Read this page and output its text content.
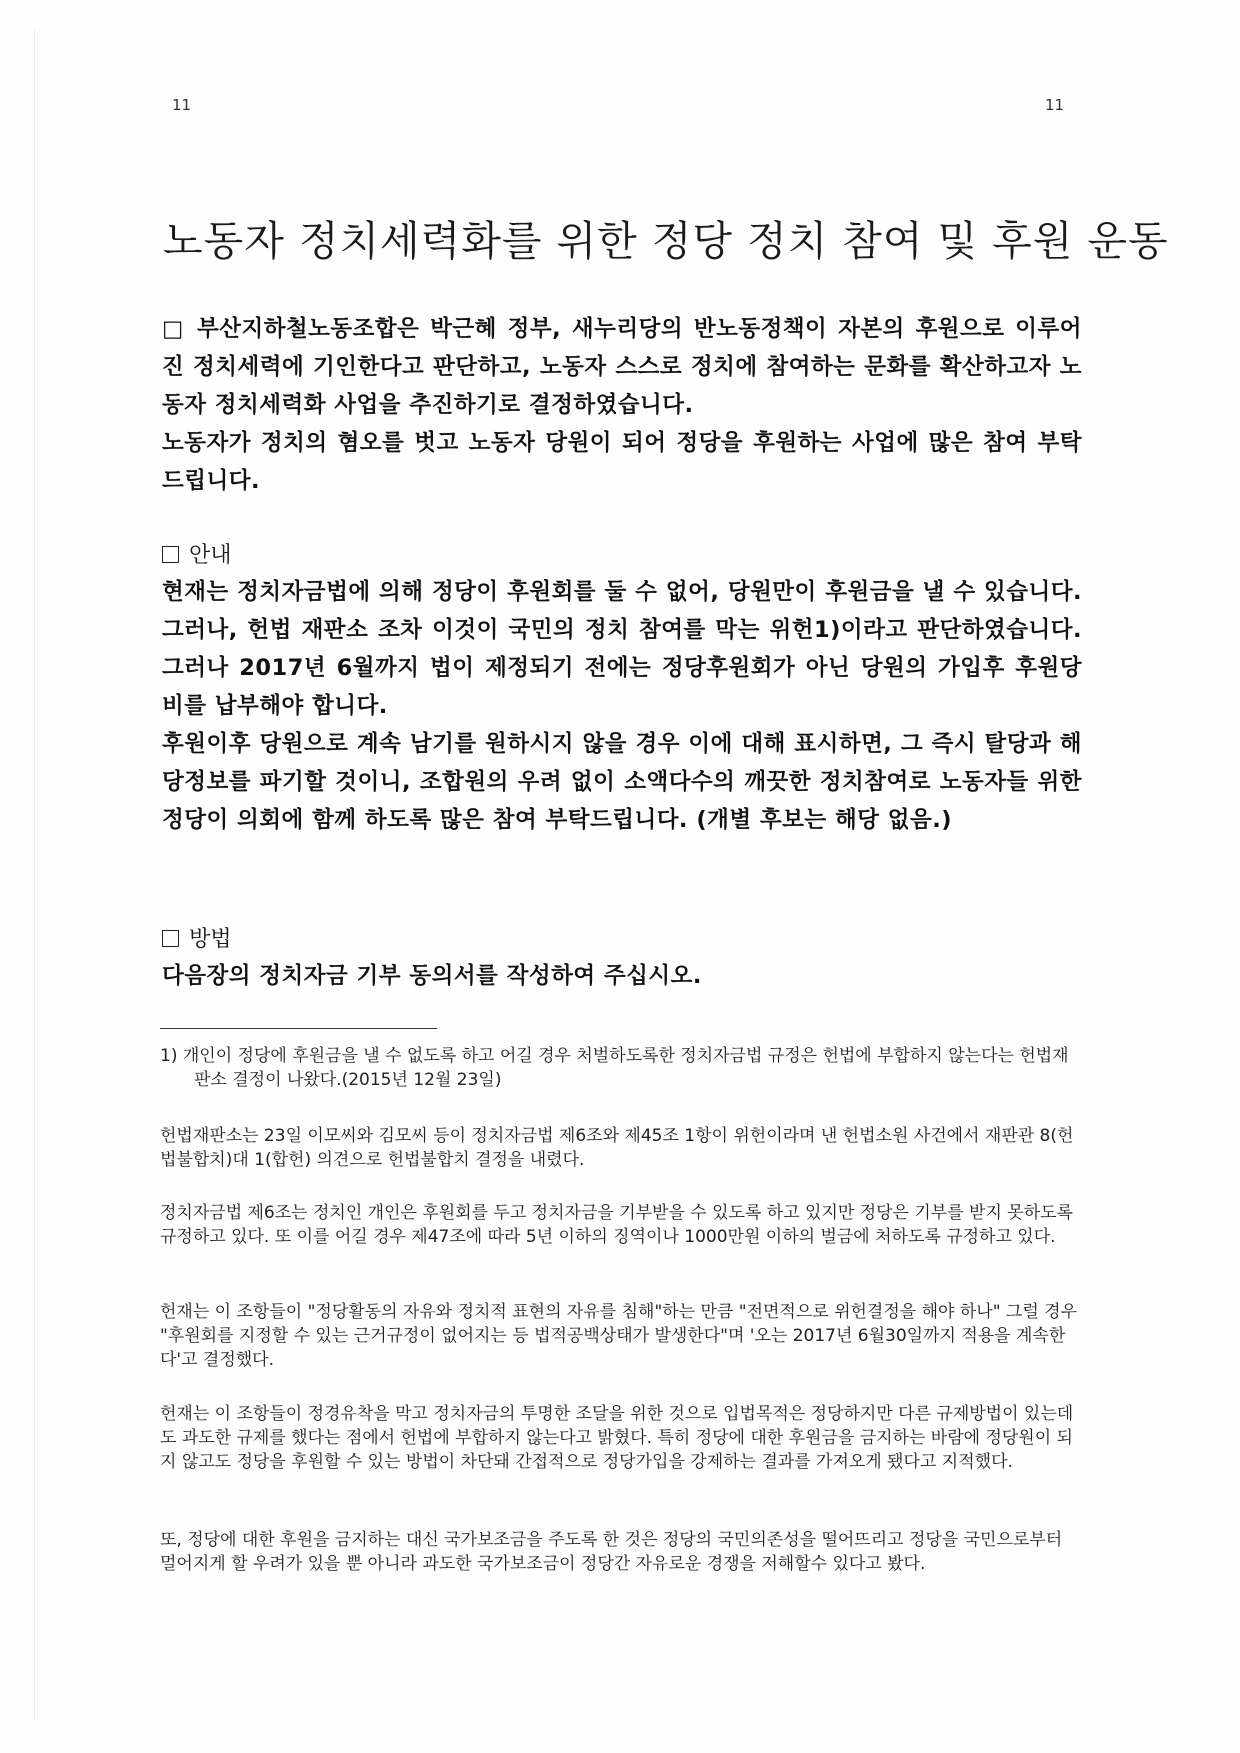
11	11
노동자 정치세력화를 위한 정당 정치 참여 및 후원 운동

□ 부산지하철노동조합은 박근혜 정부, 새누리당의 반노동정책이 자본의 후원으로 이루어진 정치세력에 기인한다고 판단하고, 노동자 스스로 정치에 참여하는 문화를 확산하고자 노동자 정치세력화 사업을 추진하기로 결정하였습니다.

노동자가 정치의 혐오를 벗고 노동자 당원이 되어 정당을 후원하는 사업에 많은 참여 부탁드립니다.

안내

현재는 정치자금법에 의해 정당이 후원회를 둘 수 없어, 당원만이 후원금을 낼 수 있습니다. 그러나, 헌법 재판소 조차 이것이 국민의 정치 참여를 막는 위헌1)이라고 판단하였습니다. 그러나 2017년 6월까지 법이 제정되기 전에는 정당후원회가 아닌 당원의 가입후 후원당비를 납부해야 합니다.

후원이후 당원으로 계속 남기를 원하시지 않을 경우 이에 대해 표시하면, 그 즉시 탈당과 해당정보를 파기할 것이니, 조합원의 우려 없이 소액다수의 깨끗한 정치참여로 노동자들 위한 정당이 의회에 함께 하도록 많은 참여 부탁드립니다. (개별 후보는 해당 없음.)

방법

다음장의 정치자금 기부 동의서를 작성하여 주십시오.

1) 개인이 정당에 후원금을 낼 수 없도록 하고 어길 경우 처벌하도록한 정치자금법 규정은 헌법에 부합하지 않는다는 헌법재판소 결정이 나왔다.(2015년 12월 23일)

헌법재판소는 23일 이모씨와 김모씨 등이 정치자금법 제6조와 제45조 1항이 위헌이라며 낸 헌법소원 사건에서 재판관 8(헌법불합치)대 1(합헌) 의견으로 헌법불합치 결정을 내렸다.

정치자금법 제6조는 정치인 개인은 후원회를 두고 정치자금을 기부받을 수 있도록 하고 있지만 정당은 기부를 받지 못하도록 규정하고 있다. 또 이를 어길 경우 제47조에 따라 5년 이하의 징역이나 1000만원 이하의 벌금에 처하도록 규정하고 있다.

헌재는 이 조항들이 "정당활동의 자유와 정치적 표현의 자유를 침해"하는 만큼 "전면적으로 위헌결정을 해야 하나" 그럴 경우 "후원회를 지정할 수 있는 근거규정이 없어지는 등 법적공백상태가 발생한다"며 '오는 2017년 6월30일까지 적용을 계속한다'고 결정했다.

헌재는 이 조항들이 정경유착을 막고 정치자금의 투명한 조달을 위한 것으로 입법목적은 정당하지만 다른 규제방법이 있는데도 과도한 규제를 했다는 점에서 헌법에 부합하지 않는다고 밝혔다. 특히 정당에 대한 후원금을 금지하는 바람에 정당원이 되지 않고도 정당을 후원할 수 있는 방법이 차단돼 간접적으로 정당가입을 강제하는 결과를 가져오게 됐다고 지적했다.

또, 정당에 대한 후원을 금지하는 대신 국가보조금을 주도록 한 것은 정당의 국민의존성을 떨어뜨리고 정당을 국민으로부터 멀어지게 할 우려가 있을 뿐 아니라 과도한 국가보조금이 정당간 자유로운 경쟁을 저해할수 있다고 봤다.
